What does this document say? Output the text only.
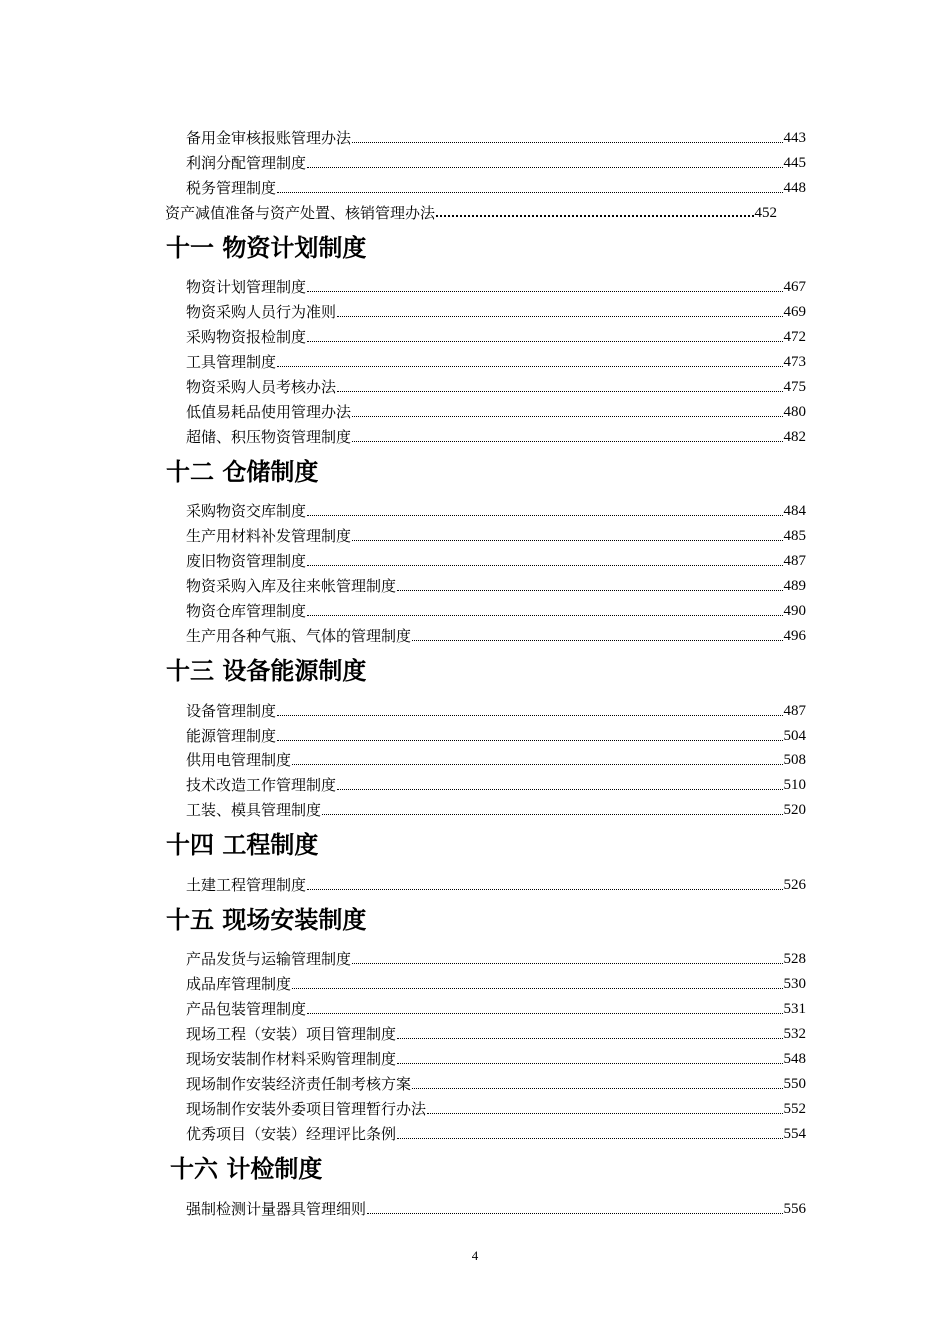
备用金审核报账管理办法	443
利润分配管理制度	445
税务管理制度	448
资产减值准备与资产处置、核销管理办法	452
十一 物资计划制度
物资计划管理制度	467
物资采购人员行为准则	469
采购物资报检制度	472
工具管理制度	473
物资采购人员考核办法	475
低值易耗品使用管理办法	480
超储、积压物资管理制度	482
十二 仓储制度
采购物资交库制度	484
生产用材料补发管理制度	485
废旧物资管理制度	487
物资采购入库及往来帐管理制度	489
物资仓库管理制度	490
生产用各种气瓶、气体的管理制度	496
十三 设备能源制度
设备管理制度	487
能源管理制度	504
供用电管理制度	508
技术改造工作管理制度	510
工装、模具管理制度	520
十四 工程制度
土建工程管理制度	526
十五 现场安装制度
产品发货与运输管理制度	528
成品库管理制度	530
产品包装管理制度	531
现场工程（安装）项目管理制度	532
现场安装制作材料采购管理制度	548
现场制作安装经济责任制考核方案	550
现场制作安装外委项目管理暂行办法	552
优秀项目（安装）经理评比条例	554
十六 计检制度
强制检测计量器具管理细则	556
4
